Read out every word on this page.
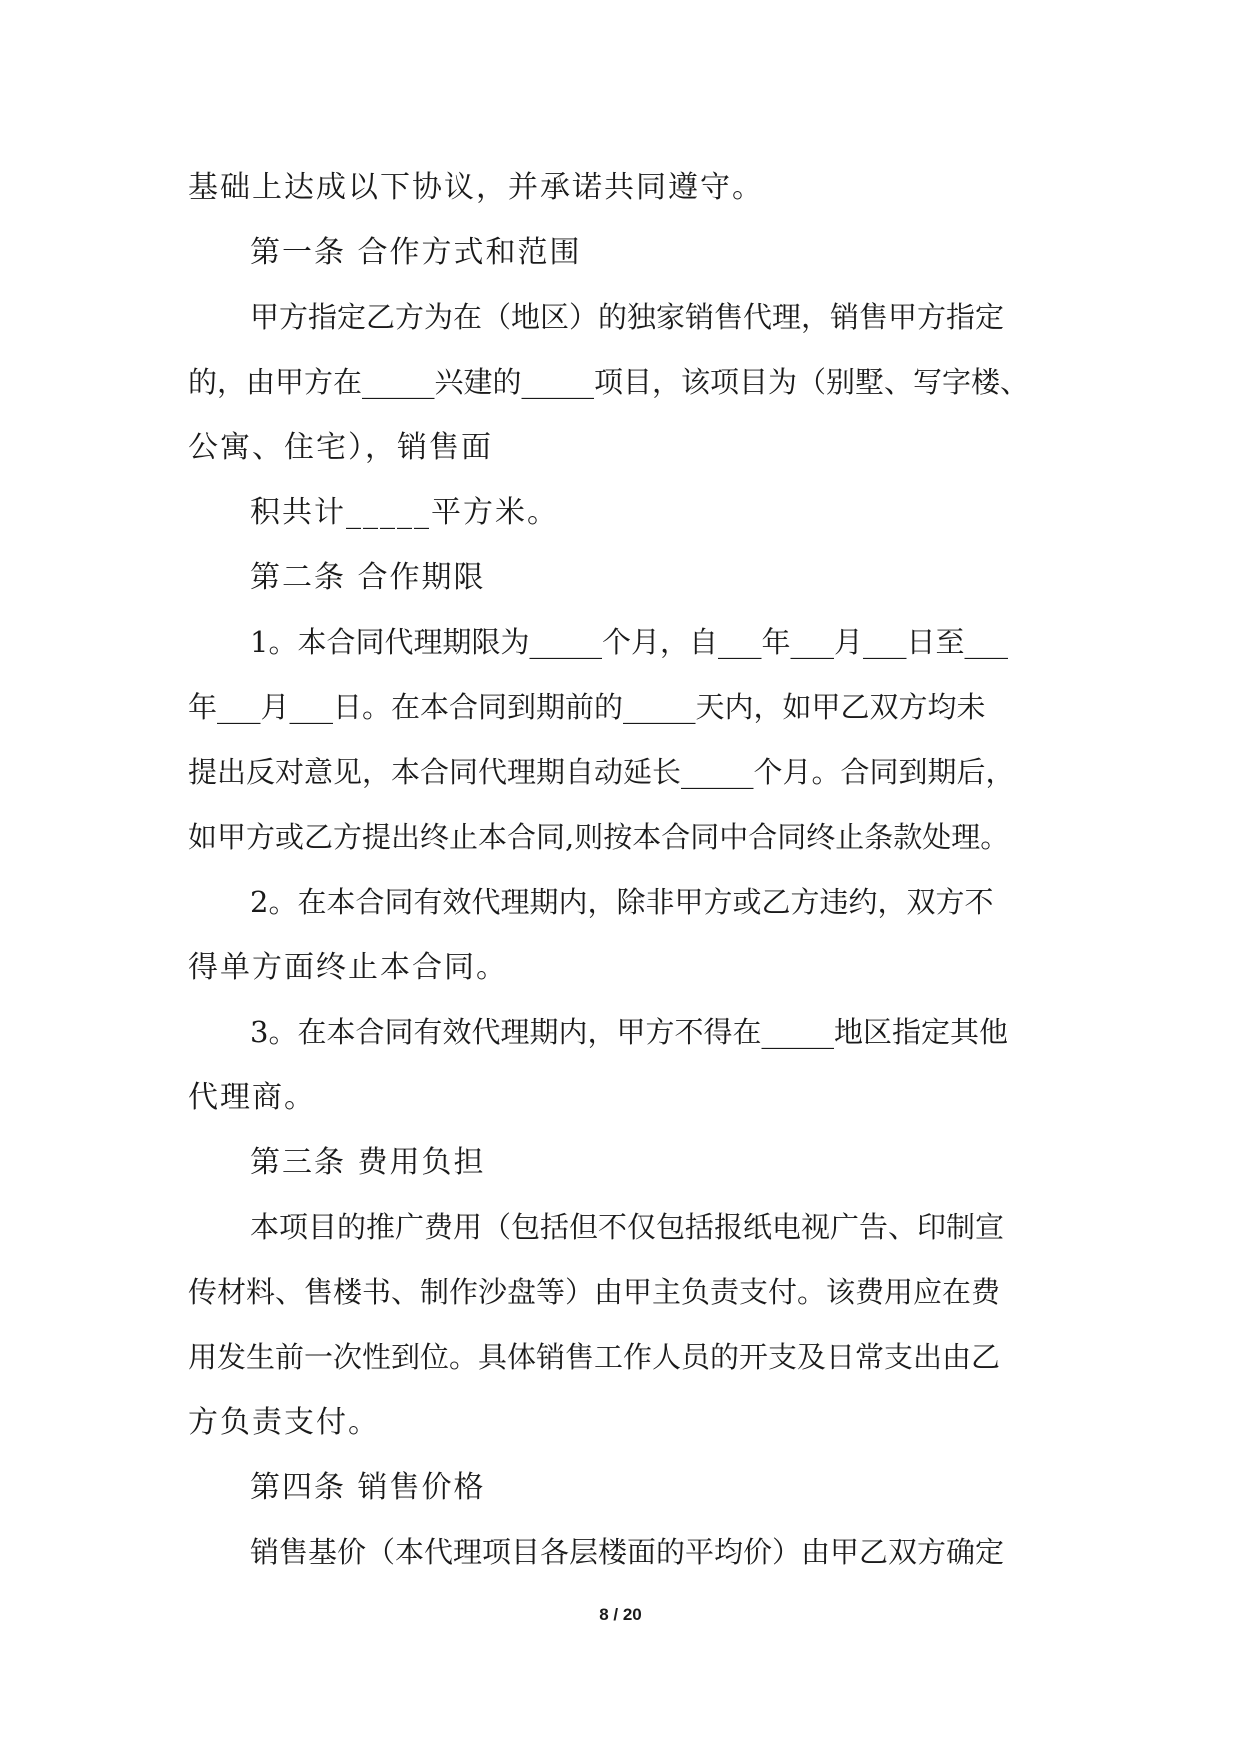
基础上达成以下协议，并承诺共同遵守。
第一条 合作方式和范围
甲方指定乙方为在（地区）的独家销售代理，销售甲方指定
的，由甲方在_____兴建的_____项目，该项目为（别墅、写字楼、
公寓、住宅），销售面
积共计_____平方米。
第二条 合作期限
1。本合同代理期限为_____个月，自___年___月___日至___
年___月___日。在本合同到期前的_____天内，如甲乙双方均未
提出反对意见，本合同代理期自动延长_____个月。合同到期后，
如甲方或乙方提出终止本合同,则按本合同中合同终止条款处理。
2。在本合同有效代理期内，除非甲方或乙方违约，双方不
得单方面终止本合同。
3。在本合同有效代理期内，甲方不得在_____地区指定其他
代理商。
第三条 费用负担
本项目的推广费用（包括但不仅包括报纸电视广告、印制宣
传材料、售楼书、制作沙盘等）由甲主负责支付。该费用应在费
用发生前一次性到位。具体销售工作人员的开支及日常支出由乙
方负责支付。
第四条 销售价格
销售基价（本代理项目各层楼面的平均价）由甲乙双方确定
8 / 20
